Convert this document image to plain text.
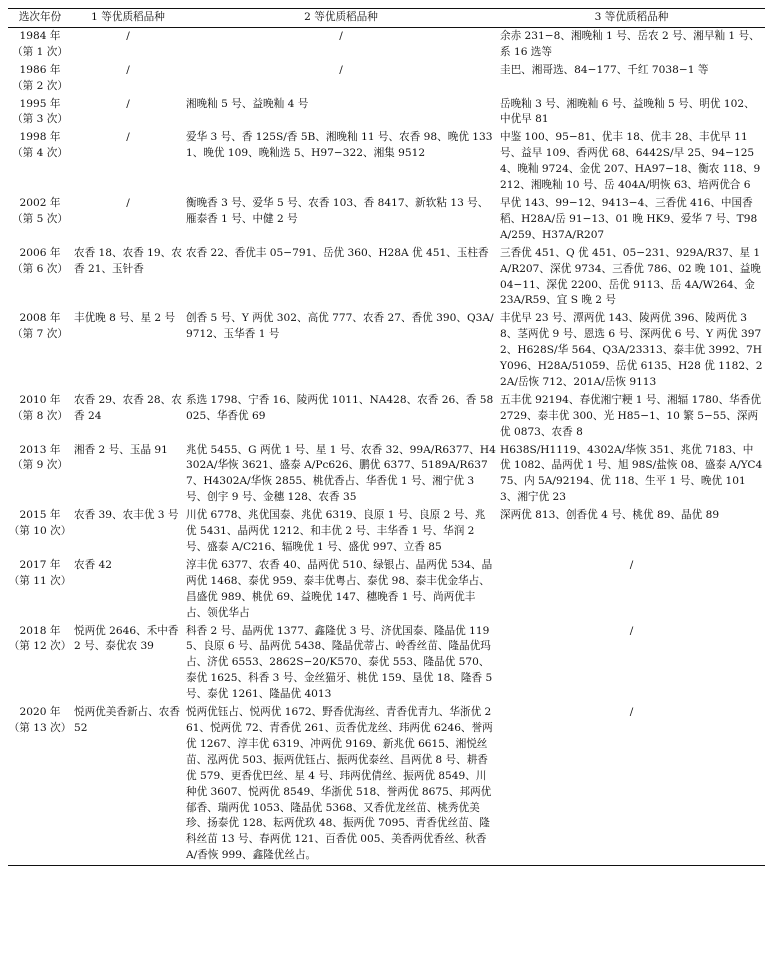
选次年份	1 等优质稻品种	2 等优质稻品种	3 等优质稻品种

1984 年
（第 1 次）	/	/	余赤 231−8、湘晚籼 1 号、岳农 2 号、湘早籼 1 号、系 16 选等

1986 年
（第 2 次）	/	/	圭巴、湘哥选、84−177、千红 7038−1 等

1995 年
（第 3 次）	/	湘晚籼 5 号、益晚籼 4 号	岳晚籼 3 号、湘晚籼 6 号、益晚籼 5 号、明优 102、中优早 81

1998 年
（第 4 次）	/	爱华 3 号、香 125S/香 5B、湘晚籼 11 号、农香 98、晚优 1331、晚优 109、晚籼选 5、H97−322、湘集 9512	中鉴 100、95−81、优丰 18、优丰 28、丰优早 11 号、益早 109、香两优 68、6442S/早 25、94−1254、晚籼 9724、金优 207、HA97−18、衡农 118、9212、湘晚籼 10 号、岳 404A/明恢 63、培两优合 6

2002 年
（第 5 次）	/	衡晚香 3 号、爱华 5 号、农香 103、香 8417、新软粘 13 号、雁泰香 1 号、中健 2 号	早优 143、99−12、9413−4、三香优 416、中国香稻、H28A/岳 91−13、01 晚 HK9、爱华 7 号、T98A/259、H37A/R207

2006 年
（第 6 次）	农香 18、农香 19、农香 21、玉针香	农香 22、香优丰 05−791、岳优 360、H28A 优 451、玉柱香	三香优 451、Q 优 451、05−231、929A/R37、星 1A/R207、深优 9734、三香优 786、02 晚 101、益晚 04−11、深优 2200、岳优 9113、岳 4A/W264、金 23A/R59、宜 S 晚 2 号

2008 年
（第 7 次）	丰优晚 8 号、星 2 号	创香 5 号、Y 两优 302、高优 777、农香 27、香优 390、Q3A/9712、玉华香 1 号	丰优早 23 号、潭两优 143、陵两优 396、陵两优 38、茎两优 9 号、恩选 6 号、深两优 6 号、Y 两优 3972、H628S/华 564、Q3A/23313、泰丰优 3992、7HY096、H28A/51059、岳优 6135、H28 优 1182、22A/岳恢 712、201A/岳恢 9113

2010 年
（第 8 次）	农香 29、农香 28、农香 24	系选 1798、宁香 16、陵两优 1011、NA428、农香 26、香 58025、华香优 69	五丰优 92194、春优湘宁粳 1 号、湘辐 1780、华香优 2729、泰丰优 300、光 H85−1、10 繁 5−55、深两优 0873、农香 8

2013 年
（第 9 次）	湘香 2 号、玉晶 91	兆优 5455、G 两优 1 号、星 1 号、农香 32、99A/R6377、H4302A/华恢 3621、盛泰 A/Pc626、鹏优 6377、5189A/R6377、H4302A/华恢 2855、桃优香占、华香优 1 号、湘宁优 3 号、创宇 9 号、金穗 128、农香 35	H638S/H1119、4302A/华恢 351、兆优 7183、中优 1082、晶两优 1 号、旭 98S/盐恢 08、盛泰 A/YC475、内 5A/92194、优 118、生平 1 号、晚优 1013、湘宁优 23

2015 年
（第 10 次）	农香 39、农丰优 3 号	川优 6778、兆优国泰、兆优 6319、良原 1 号、良原 2 号、兆优 5431、晶两优 1212、和丰优 2 号、丰华香 1 号、华润 2 号、盛泰 A/C216、辐晚优 1 号、盛优 997、立香 85	深两优 813、创香优 4 号、桃优 89、晶优 89

2017 年
（第 11 次）	农香 42	淳丰优 6377、农香 40、晶两优 510、绿银占、晶两优 534、晶两优 1468、泰优 959、泰丰优粤占、泰优 98、泰丰优金华占、昌盛优 989、桃优 69、益晚优 147、穗晚香 1 号、尚两优丰占、领优华占	/

2018 年
（第 12 次）	悦两优 2646、禾中香 2 号、泰优农 39	科香 2 号、晶两优 1377、鑫隆优 3 号、济优国泰、隆晶优 1195、良原 6 号、晶两优 5438、隆晶优蒂占、岭香丝苗、隆晶优玛占、济优 6553、2862S−20/K570、泰优 553、隆晶优 570、泰优 1625、科香 3 号、金丝猫牙、桃优 159、垦优 18、隆香 5 号、泰优 1261、隆晶优 4013	/

2020 年
（第 13 次）	悦两优美香新占、农香 52	悦两优钰占、悦两优 1672、野香优海丝、青香优青九、华浙优 261、悦两优 72、青香优 261、贡香优龙丝、玮两优 6246、誉两优 1267、淳丰优 6319、冲两优 9169、新兆优 6615、湘悦丝苗、泓两优 503、振两优钰占、振两优泰丝、昌两优 8 号、耕香优 579、更香优巴丝、星 4 号、玮两优倩丝、振两优 8549、川种优 3607、悦两优 8549、华浙优 518、誉两优 8675、邦两优郁香、瑞两优 1053、隆晶优 5368、又香优龙丝苗、桃秀优美珍、扬泰优 128、耘两优玖 48、振两优 7095、青香优丝苗、隆科丝苗 13 号、春两优 121、百香优 005、美香两优香丝、秋香 A/香恢 999、鑫隆优丝占。	/
